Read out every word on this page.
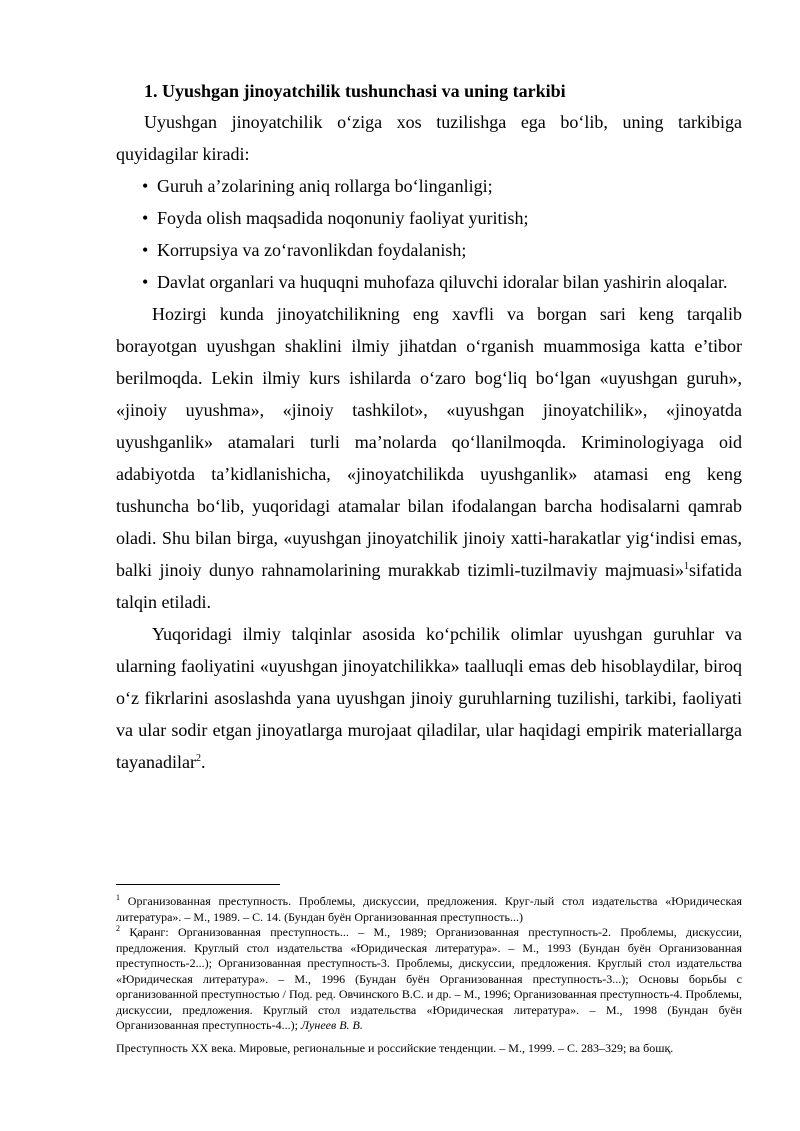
1. Uyushgan jinoyatchilik tushunchasi va uning tarkibi

Uyushgan jinoyatchilik o‘ziga xos tuzilishga ega bo‘lib, uning tarkibiga quyidagilar kiradi:

• Guruh a’zolarining aniq rollarga bo‘linganligi;
• Foyda olish maqsadida noqonuniy faoliyat yuritish;
• Korrupsiya va zo‘ravonlikdan foydalanish;
• Davlat organlari va huquqni muhofaza qiluvchi idoralar bilan yashirin aloqalar.

Hozirgi kunda jinoyatchilikning eng xavfli va borgan sari keng tarqalib borayotgan uyushgan shaklini ilmiy jihatdan o‘rganish muammosiga katta e’tibor berilmoqda. Lekin ilmiy kurs ishilarda o‘zaro bog‘liq bo‘lgan «uyushgan guruh», «jinoiy uyushma», «jinoiy tashkilot», «uyushgan jinoyatchilik», «jinoyatda uyushganlik» atamalari turli ma’nolarda qo‘llanilmoqda. Kriminologiyaga oid adabiyotda ta’kidlanishicha, «jinoyatchilikda uyushganlik» atamasi eng keng tushuncha bo‘lib, yuqoridagi atamalar bilan ifodalangan barcha hodisalarni qamrab oladi. Shu bilan birga, «uyushgan jinoyatchilik jinoiy xatti-harakatlar yig‘indisi emas, balki jinoiy dunyo rahnamolarining murakkab tizimli-tuzilmaviy majmuasi»$^1$sifatida talqin etiladi.

Yuqoridagi ilmiy talqinlar asosida ko‘pchilik olimlar uyushgan guruhlar va ularning faoliyatini «uyushgan jinoyatchilikka» taalluqli emas deb hisoblaydilar, biroq o‘z fikrlarini asoslashda yana uyushgan jinoiy guruhlarning tuzilishi, tarkibi, faoliyati va ular sodir etgan jinoyatlarga murojaat qiladilar, ular haqidagi empirik materiallarga tayanadilar$^2$.

$^1$ Организованная преступность. Проблемы, дискуссии, предложения. Круг-лый стол издательства «Юридическая литература». – М., 1989. – С. 14. (Бундан буён Организованная преступность...)

$^2$ Қаранг: Организованная преступность... – М., 1989; Организованная преступность-2. Проблемы, дискуссии, предложения. Круглый стол издательства «Юридическая литература». – М., 1993 (Бундан буён Организованная преступность-2...); Организованная преступность-3. Проблемы, дискуссии, предложения. Круглый стол издательства «Юридическая литература». – М., 1996 (Бундан буён Организованная преступность-3...); Основы борьбы с организованной преступностью / Под. ред. Овчинского В.С. и др. – М., 1996; Организованная преступность-4. Проблемы, дискуссии, предложения. Круглый стол издательства «Юридическая литература». – М., 1998 (Бундан буён Организованная преступность-4...); Лунеев В. В.

Преступность XX века. Мировые, региональные и российские тенденции. – М., 1999. – С. 283–329; ва бошқ.
